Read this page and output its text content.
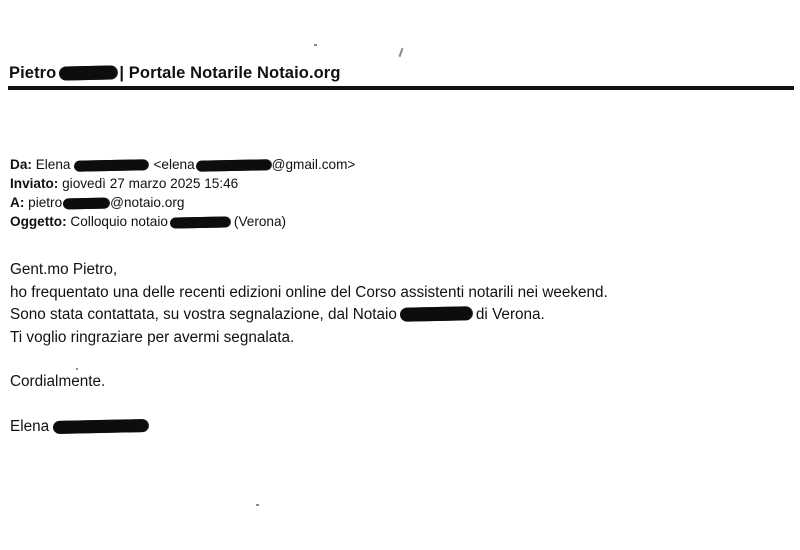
Pietro	| Portale Notarile Notaio.org
Da: Elena	<elena	@gmail.com>
Inviato: giovedì 27 marzo 2025 15:46
A: pietro	@notaio.org
Oggetto: Colloquio notaio	(Verona)
Gent.mo Pietro,
ho frequentato una delle recenti edizioni online del Corso assistenti notarili nei weekend.
Sono stata contattata, su vostra segnalazione, dal Notaio	di Verona.
Ti voglio ringraziare per avermi segnalata.
Cordialmente.
Elena
